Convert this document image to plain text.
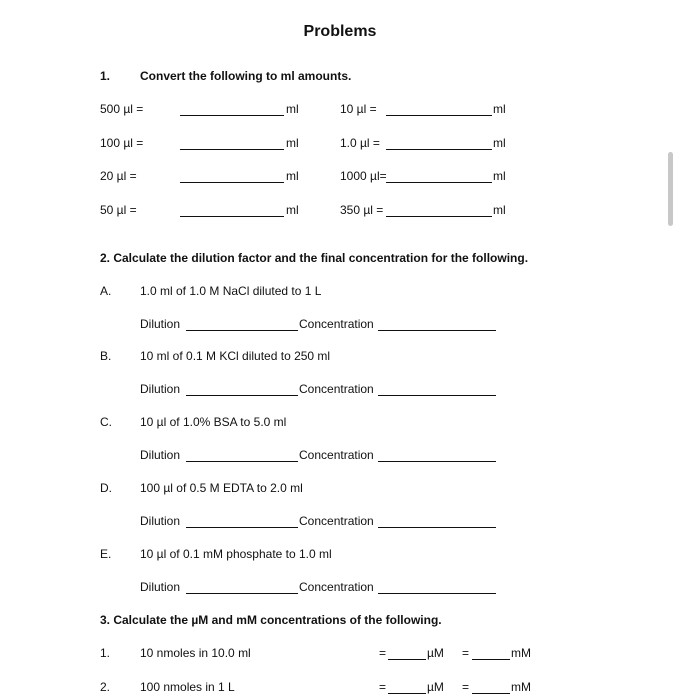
Problems
1. Convert the following to ml amounts.
500 µl =	ml	10 µl =	ml
100 µl =	ml	1.0 µl =	ml
20 µl =	ml	1000 µl=	ml
50 µl =	ml	350 µl =	ml
2. Calculate the dilution factor and the final concentration for the following.
A. 1.0 ml of 1.0 M NaCl diluted to 1 L
Dilution	Concentration
B. 10 ml of 0.1 M KCl diluted to 250 ml
Dilution	Concentration
C. 10 µl of 1.0% BSA to 5.0 ml
Dilution	Concentration
D. 100 µl of 0.5 M EDTA to 2.0 ml
Dilution	Concentration
E. 10 µl of 0.1 mM phosphate to 1.0 ml
Dilution	Concentration
3. Calculate the µM and mM concentrations of the following.
1. 10 nmoles in 10.0 ml	=	µM =	mM
2. 100 nmoles in 1 L	=	µM =	mM
